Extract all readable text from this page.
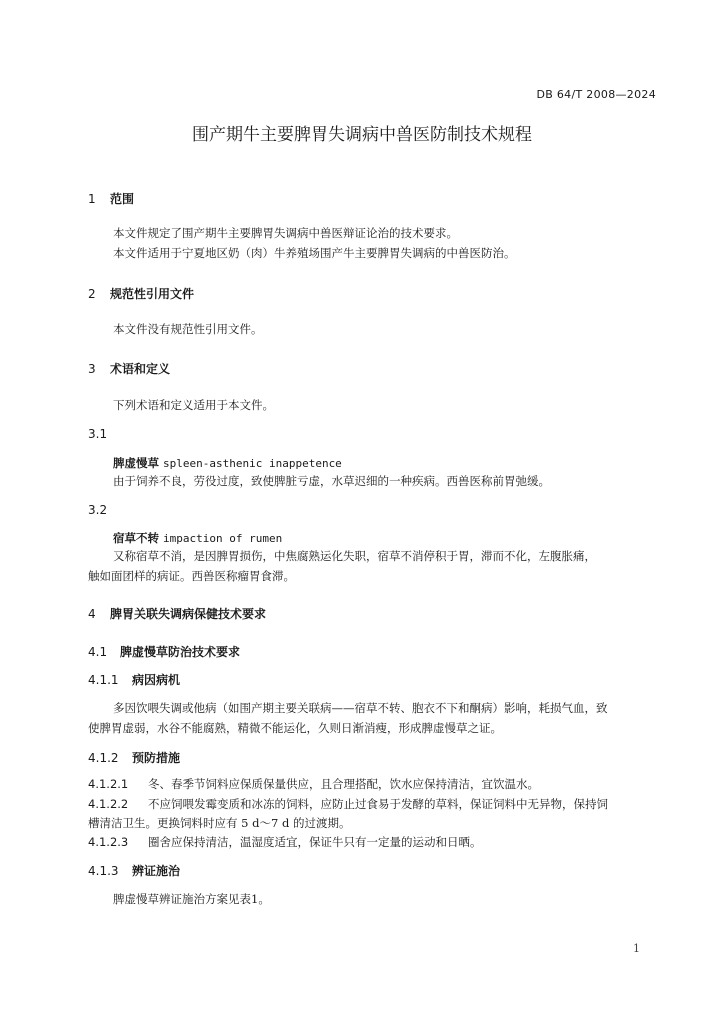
DB 64/T 2008—2024
围产期牛主要脾胃失调病中兽医防制技术规程
1 范围
本文件规定了围产期牛主要脾胃失调病中兽医辩证论治的技术要求。
本文件适用于宁夏地区奶（肉）牛养殖场围产牛主要脾胃失调病的中兽医防治。
2 规范性引用文件
本文件没有规范性引用文件。
3 术语和定义
下列术语和定义适用于本文件。
3.1
脾虚慢草 spleen-asthenic inappetence
由于饲养不良，劳役过度，致使脾脏亏虚，水草迟细的一种疾病。西兽医称前胃弛缓。
3.2
宿草不转 impaction of rumen
又称宿草不消，是因脾胃损伤，中焦腐熟运化失职，宿草不消停积于胃，滞而不化，左腹胀痛，
触如面团样的病证。西兽医称瘤胃食滞。
4 脾胃关联失调病保健技术要求
4.1 脾虚慢草防治技术要求
4.1.1 病因病机
多因饮喂失调或他病（如围产期主要关联病——宿草不转、胞衣不下和酮病）影响，耗损气血，致
使脾胃虚弱，水谷不能腐熟，精微不能运化，久则日渐消瘦，形成脾虚慢草之证。
4.1.2 预防措施
4.1.2.1 冬、春季节饲料应保质保量供应，且合理搭配，饮水应保持清洁，宜饮温水。
4.1.2.2 不应饲喂发霉变质和冰冻的饲料，应防止过食易于发酵的草料，保证饲料中无异物，保持饲
槽清洁卫生。更换饲料时应有 5 d～7 d 的过渡期。
4.1.2.3 圈舍应保持清洁，温湿度适宜，保证牛只有一定量的运动和日晒。
4.1.3 辨证施治
脾虚慢草辨证施治方案见表1。
1
